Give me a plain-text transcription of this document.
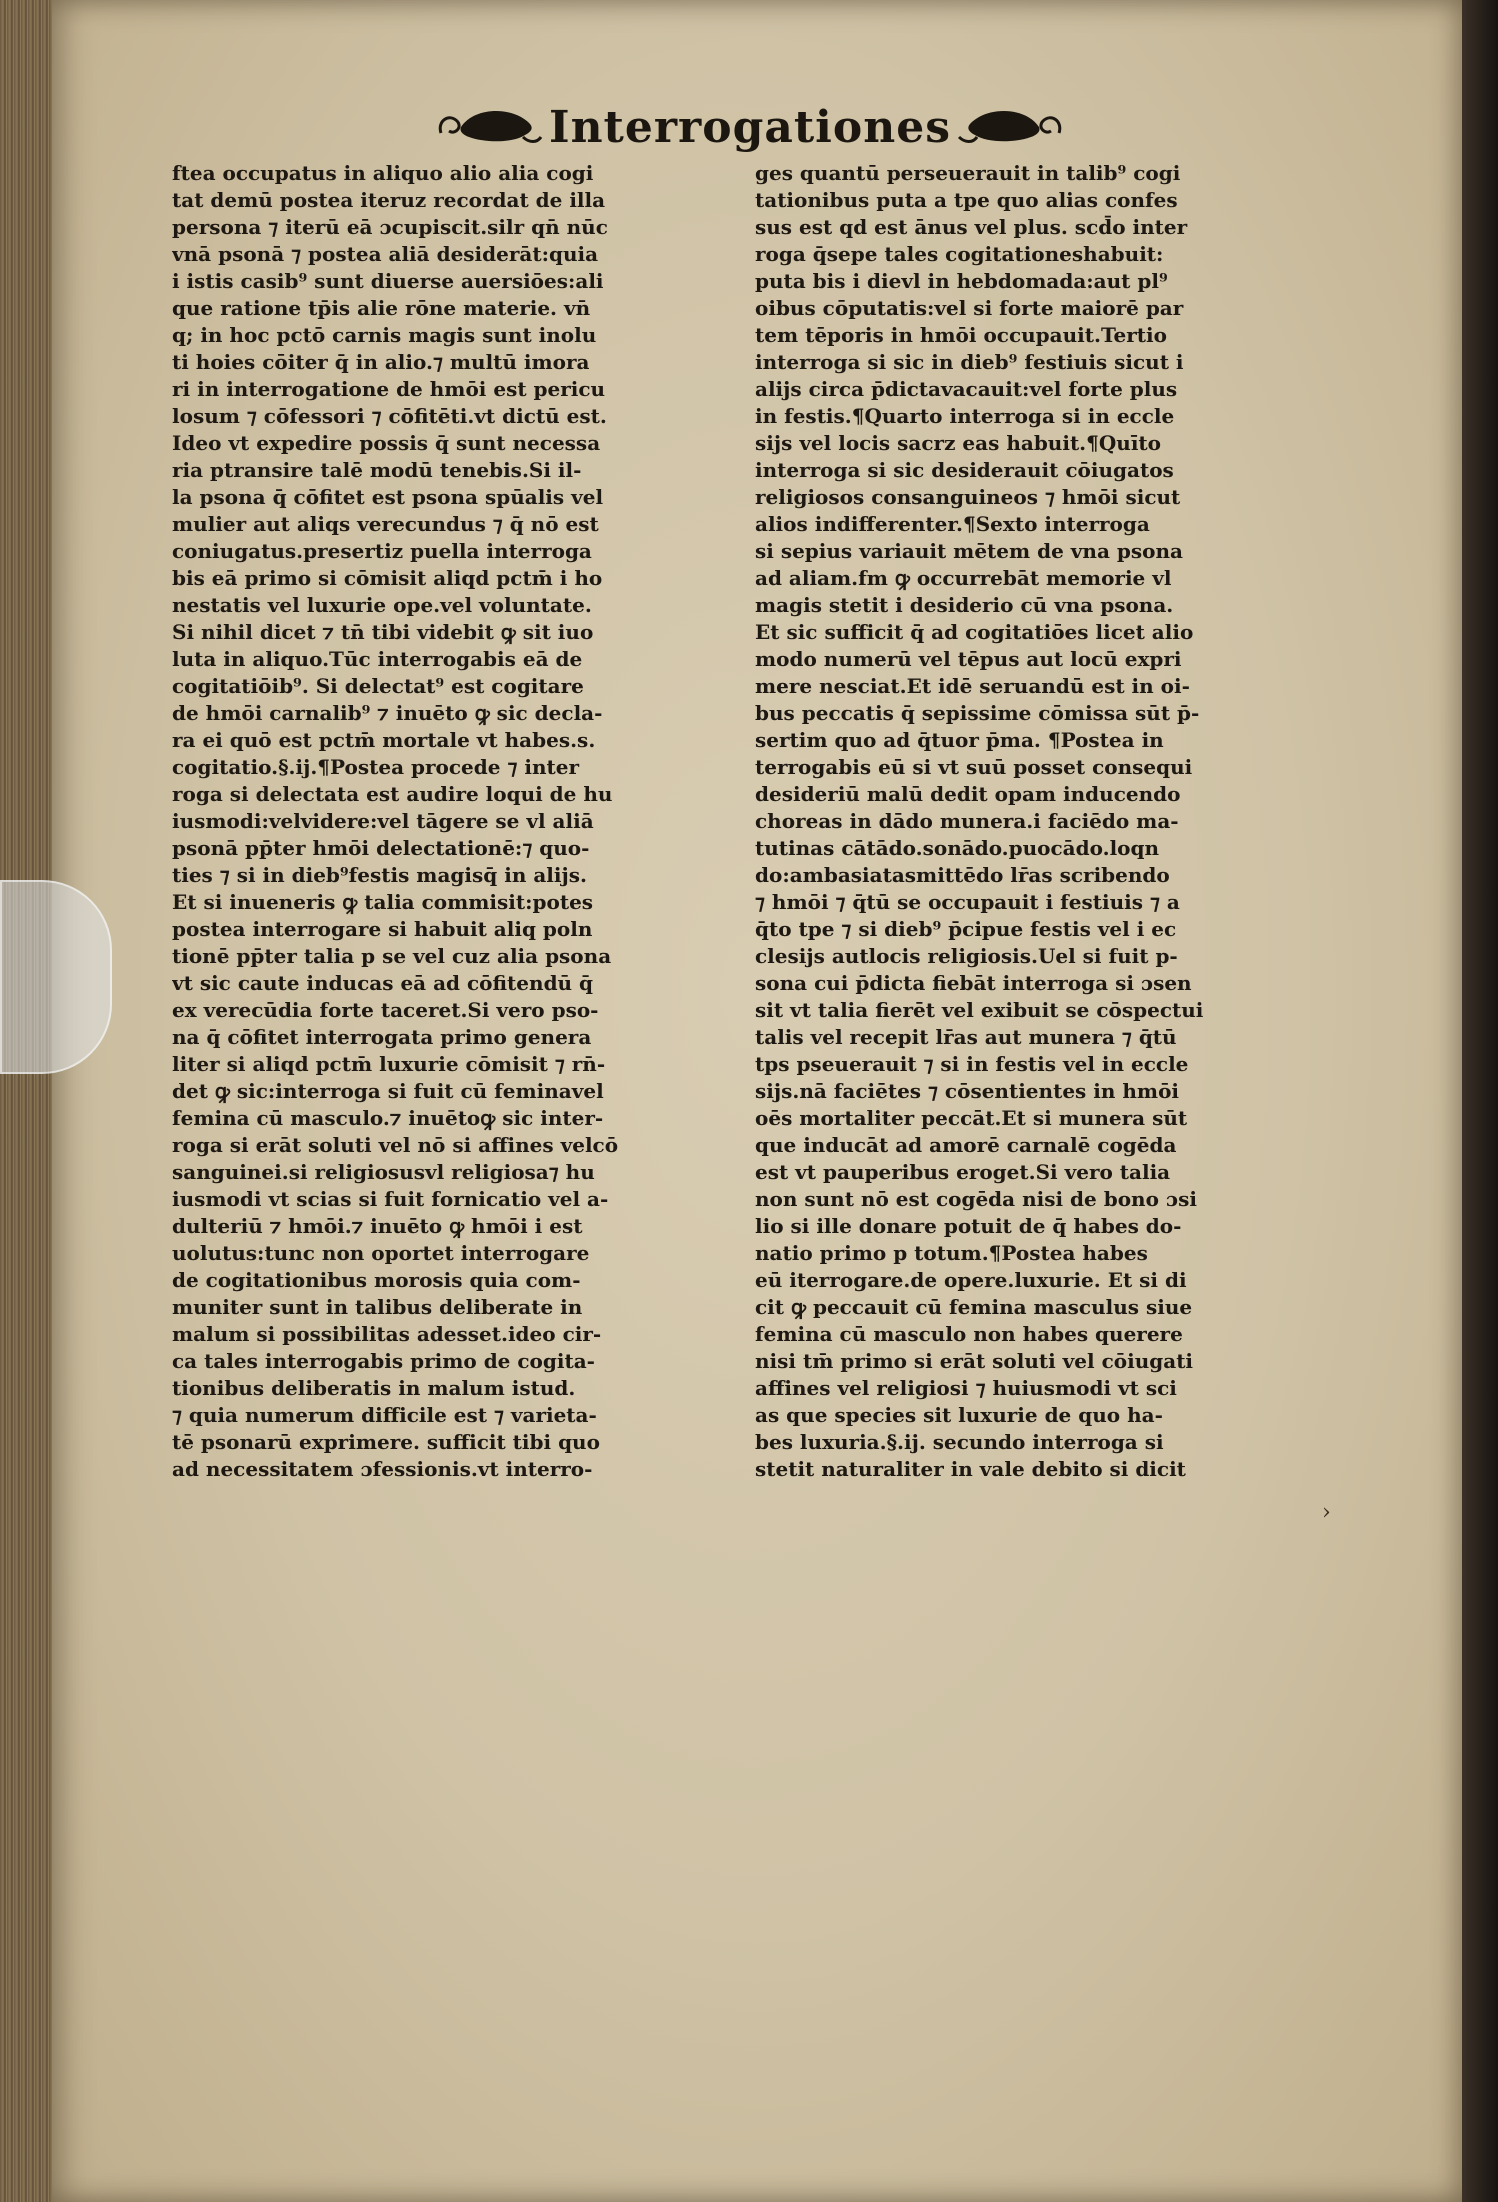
Interrogationes
ftea occupatus in aliquo alio alia cogi
tat demū postea iteruz recordat de illa
persona ⁊ iterū eā ɔcupiscit.silr qn̄ nūc
vnā psonā ⁊ postea aliā desiderāt:quia
i istis casib⁹ sunt diuerse auersiōes:ali
que ratione tp̄is alie rōne materie. vn̄
q; in hoc pctō carnis magis sunt inolu
ti hoies cōiter q̄ in alio.⁊ multū imora
ri in interrogatione de hmōi est pericu
losum ⁊ cōfessori ⁊ cōfitēti.vt dictū est.
Ideo vt expedire possis q̄ sunt necessa
ria ptransire talē modū tenebis.Si il-
la psona q̄ cōfitet est psona spūalis vel
mulier aut aliqs verecundus ⁊ q̄ nō est
coniugatus.presertiz puella interroga
bis eā primo si cōmisit aliqd pctm̄ i ho
nestatis vel luxurie ope.vel voluntate.
Si nihil dicet ⁊ tn̄ tibi videbit ꝙ sit iuo
luta in aliquo.Tūc interrogabis eā de
cogitatiōib⁹. Si delectat⁹ est cogitare
de hmōi carnalib⁹ ⁊ inuēto ꝙ sic decla-
ra ei quō est pctm̄ mortale vt habes.s.
cogitatio.§.ij.¶Postea procede ⁊ inter
roga si delectata est audire loqui de hu
iusmodi:velvidere:vel tāgere se vl aliā
psonā pp̄ter hmōi delectationē:⁊ quo-
ties ⁊ si in dieb⁹festis magisq̄ in alijs.
Et si inueneris ꝙ talia commisit:potes
postea interrogare si habuit aliq poln
tionē pp̄ter talia p se vel cuz alia psona
vt sic caute inducas eā ad cōfitendū q̄
ex verecūdia forte taceret.Si vero pso-
na q̄ cōfitet interrogata primo genera
liter si aliqd pctm̄ luxurie cōmisit ⁊ rn̄-
det ꝙ sic:interroga si fuit cū feminavel
femina cū masculo.⁊ inuētoꝙ sic inter-
roga si erāt soluti vel nō si affines velcō
sanguinei.si religiosusvl religiosa⁊ hu
iusmodi vt scias si fuit fornicatio vel a-
dulteriū ⁊ hmōi.⁊ inuēto ꝙ hmōi i est
uolutus:tunc non oportet interrogare
de cogitationibus morosis quia com-
muniter sunt in talibus deliberate in
malum si possibilitas adesset.ideo cir-
ca tales interrogabis primo de cogita-
tionibus deliberatis in malum istud.
⁊ quia numerum difficile est ⁊ varieta-
tē psonarū exprimere. sufficit tibi quo
ad necessitatem ɔfessionis.vt interro-
ges quantū perseuerauit in talib⁹ cogi
tationibus puta a tpe quo alias confes
sus est qd est ānus vel plus. scd̄o inter
roga q̄sepe tales cogitationeshabuit:
puta bis i dievl in hebdomada:aut pl⁹
oibus cōputatis:vel si forte maiorē par
tem tēporis in hmōi occupauit.Tertio
interroga si sic in dieb⁹ festiuis sicut i
alijs circa p̄dictavacauit:vel forte plus
in festis.¶Quarto interroga si in eccle
sijs vel locis sacrz eas habuit.¶Quīto
interroga si sic desiderauit cōiugatos
religiosos consanguineos ⁊ hmōi sicut
alios indifferenter.¶Sexto interroga
si sepius variauit mētem de vna psona
ad aliam.fm ꝙ occurrebāt memorie vl
magis stetit i desiderio cū vna psona.
Et sic sufficit q̄ ad cogitatiōes licet alio
modo numerū vel tēpus aut locū expri
mere nesciat.Et idē seruandū est in oi-
bus peccatis q̄ sepissime cōmissa sūt p̄-
sertim quo ad q̄tuor p̄ma. ¶Postea in
terrogabis eū si vt suū posset consequi
desideriū malū dedit opam inducendo
choreas in dādo munera.i faciēdo ma-
tutinas cātādo.sonādo.puocādo.loqn
do:ambasiatasmittēdo lr̄as scribendo
⁊ hmōi ⁊ q̄tū se occupauit i festiuis ⁊ a
q̄to tpe ⁊ si dieb⁹ p̄cipue festis vel i ec
clesijs autlocis religiosis.Uel si fuit p-
sona cui p̄dicta fiebāt interroga si ɔsen
sit vt talia fierēt vel exibuit se cōspectui
talis vel recepit lr̄as aut munera ⁊ q̄tū
tps pseuerauit ⁊ si in festis vel in eccle
sijs.nā faciētes ⁊ cōsentientes in hmōi
oēs mortaliter peccāt.Et si munera sūt
que inducāt ad amorē carnalē cogēda
est vt pauperibus eroget.Si vero talia
non sunt nō est cogēda nisi de bono ɔsi
lio si ille donare potuit de q̄ habes do-
natio primo p totum.¶Postea habes
eū iterrogare.de opere.luxurie. Et si di
cit ꝙ peccauit cū femina masculus siue
femina cū masculo non habes querere
nisi tm̄ primo si erāt soluti vel cōiugati
affines vel religiosi ⁊ huiusmodi vt sci
as que species sit luxurie de quo ha-
bes luxuria.§.ij. secundo interroga si
stetit naturaliter in vale debito si dicit
›
